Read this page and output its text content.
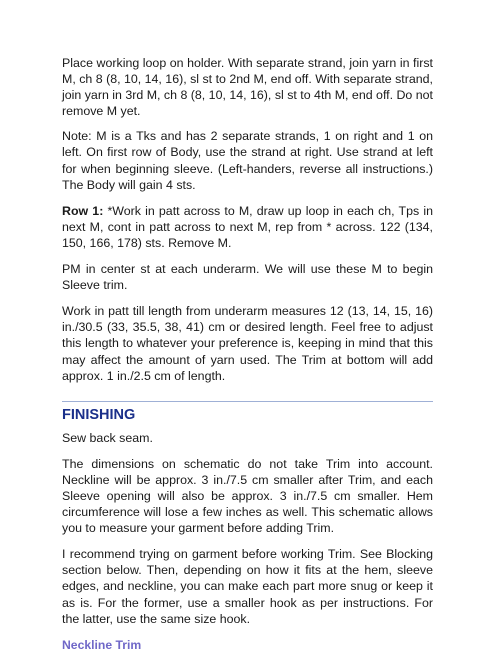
Place working loop on holder. With separate strand, join yarn in first M, ch 8 (8, 10, 14, 16), sl st to 2nd M, end off. With separate strand, join yarn in 3rd M, ch 8 (8, 10, 14, 16), sl st to 4th M, end off. Do not remove M yet.

Note: M is a Tks and has 2 separate strands, 1 on right and 1 on left. On first row of Body, use the strand at right. Use strand at left for when beginning sleeve. (Left-handers, reverse all instructions.) The Body will gain 4 sts.

Row 1: *Work in patt across to M, draw up loop in each ch, Tps in next M, cont in patt across to next M, rep from * across. 122 (134, 150, 166, 178) sts. Remove M.

PM in center st at each underarm. We will use these M to begin Sleeve trim.

Work in patt till length from underarm measures 12 (13, 14, 15, 16) in./30.5 (33, 35.5, 38, 41) cm or desired length. Feel free to adjust this length to whatever your preference is, keeping in mind that this may affect the amount of yarn used. The Trim at bottom will add approx. 1 in./2.5 cm of length.

FINISHING

Sew back seam.

The dimensions on schematic do not take Trim into account. Neckline will be approx. 3 in./7.5 cm smaller after Trim, and each Sleeve opening will also be approx. 3 in./7.5 cm smaller. Hem circumference will lose a few inches as well. This schematic allows you to measure your garment before adding Trim.

I recommend trying on garment before working Trim. See Blocking section below. Then, depending on how it fits at the hem, sleeve edges, and neckline, you can make each part more snug or keep it as is. For the former, use a smaller hook as per instructions. For the latter, use the same size hook.

Neckline Trim
